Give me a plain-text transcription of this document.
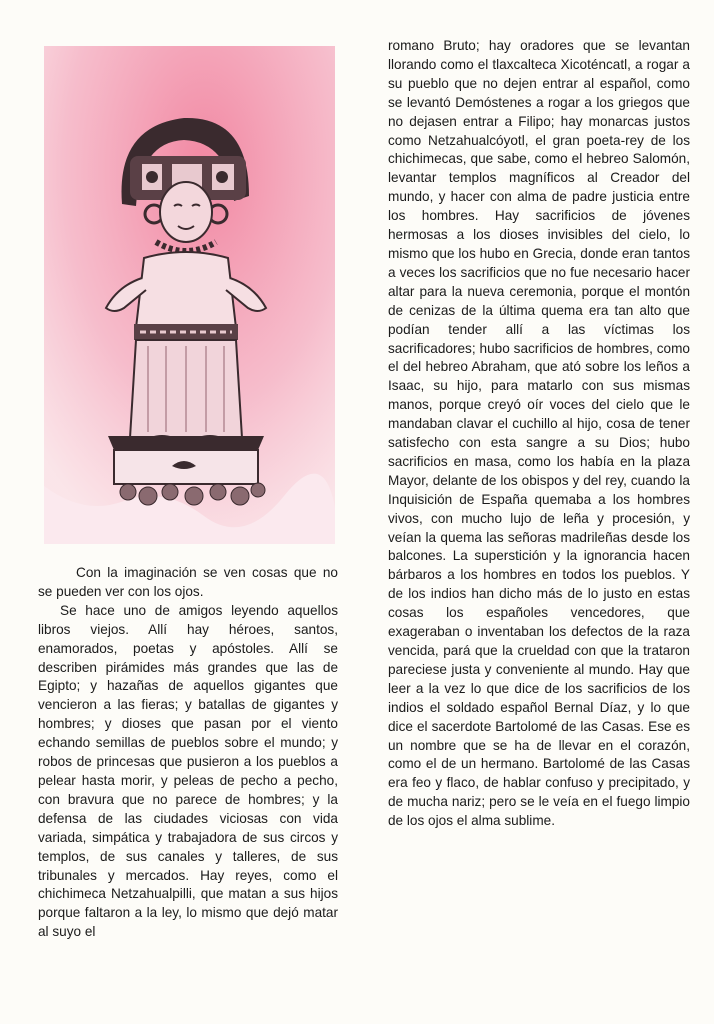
Con la imaginación se ven cosas que no se pueden ver con los ojos.

Se hace uno de amigos leyendo aquellos libros viejos. Allí hay héroes, santos, enamorados, poetas y apóstoles. Allí se describen pirámides más grandes que las de Egipto; y hazañas de aquellos gigantes que vencieron a las fieras; y batallas de gigantes y hombres; y dioses que pasan por el viento echando semillas de pueblos sobre el mundo; y robos de princesas que pusieron a los pueblos a pelear hasta morir, y peleas de pecho a pecho, con bravura que no parece de hombres; y la defensa de las ciudades viciosas con vida variada, simpática y trabajadora de sus circos y templos, de sus canales y talleres, de sus tribunales y mercados. Hay reyes, como el chichimeca Netzahualpilli, que matan a sus hijos porque faltaron a la ley, lo mismo que dejó matar al suyo el

romano Bruto; hay oradores que se levantan llorando como el tlaxcalteca Xicoténcatl, a rogar a su pueblo que no dejen entrar al español, como se levantó Demóstenes a rogar a los griegos que no dejasen entrar a Filipo; hay monarcas justos como Netzahualcóyotl, el gran poeta-rey de los chichimecas, que sabe, como el hebreo Salomón, levantar templos magníficos al Creador del mundo, y hacer con alma de padre justicia entre los hombres. Hay sacrificios de jóvenes hermosas a los dioses invisibles del cielo, lo mismo que los hubo en Grecia, donde eran tantos a veces los sacrificios que no fue necesario hacer altar para la nueva ceremonia, porque el montón de cenizas de la última quema era tan alto que podían tender allí a las víctimas los sacrificadores; hubo sacrificios de hombres, como el del hebreo Abraham, que ató sobre los leños a Isaac, su hijo, para matarlo con sus mismas manos, porque creyó oír voces del cielo que le mandaban clavar el cuchillo al hijo, cosa de tener satisfecho con esta sangre a su Dios; hubo sacrificios en masa, como los había en la plaza Mayor, delante de los obispos y del rey, cuando la Inquisición de España quemaba a los hombres vivos, con mucho lujo de leña y procesión, y veían la quema las señoras madrileñas desde los balcones. La superstición y la ignorancia hacen bárbaros a los hombres en todos los pueblos. Y de los indios han dicho más de lo justo en estas cosas los españoles vencedores, que exageraban o inventaban los defectos de la raza vencida, pará que la crueldad con que la trataron pareciese justa y conveniente al mundo. Hay que leer a la vez lo que dice de los sacrificios de los indios el soldado español Bernal Díaz, y lo que dice el sacerdote Bartolomé de las Casas. Ese es un nombre que se ha de llevar en el corazón, como el de un hermano. Bartolomé de las Casas era feo y flaco, de hablar confuso y precipitado, y de mucha nariz; pero se le veía en el fuego limpio de los ojos el alma sublime.
